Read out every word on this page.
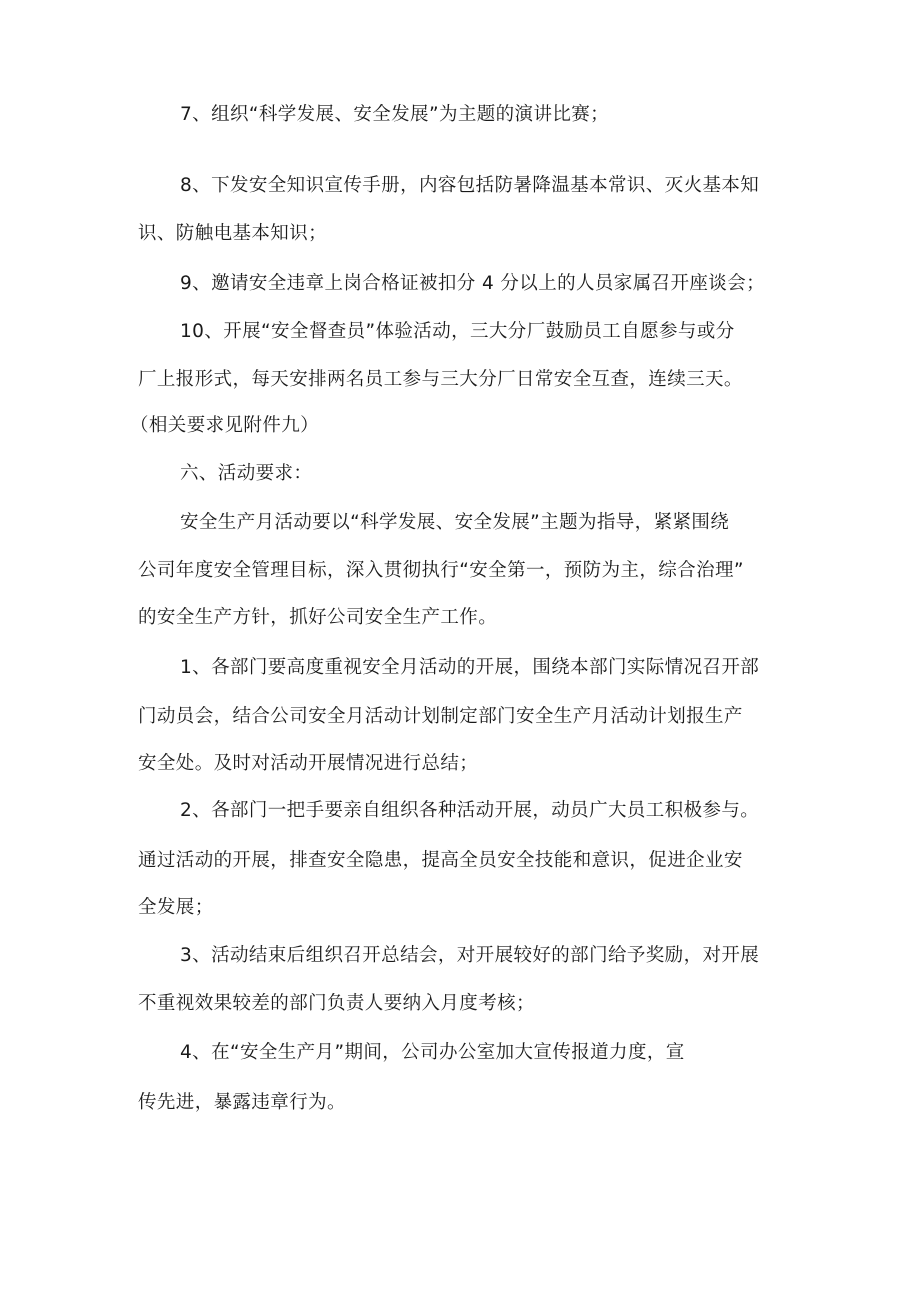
7、组织“科学发展、安全发展”为主题的演讲比赛；
8、下发安全知识宣传手册，内容包括防暑降温基本常识、灭火基本知
识、防触电基本知识；
9、邀请安全违章上岗合格证被扣分 4 分以上的人员家属召开座谈会；
10、开展“安全督查员”体验活动，三大分厂鼓励员工自愿参与或分
厂上报形式，每天安排两名员工参与三大分厂日常安全互查，连续三天。
（相关要求见附件九）
六、活动要求：
安全生产月活动要以“科学发展、安全发展”主题为指导，紧紧围绕
公司年度安全管理目标，深入贯彻执行“安全第一，预防为主，综合治理”
的安全生产方针，抓好公司安全生产工作。
1、各部门要高度重视安全月活动的开展，围绕本部门实际情况召开部
门动员会，结合公司安全月活动计划制定部门安全生产月活动计划报生产
安全处。及时对活动开展情况进行总结；
2、各部门一把手要亲自组织各种活动开展，动员广大员工积极参与。
通过活动的开展，排查安全隐患，提高全员安全技能和意识，促进企业安
全发展；
3、活动结束后组织召开总结会，对开展较好的部门给予奖励，对开展
不重视效果较差的部门负责人要纳入月度考核；
4、在“安全生产月”期间，公司办公室加大宣传报道力度，宣
传先进，暴露违章行为。
